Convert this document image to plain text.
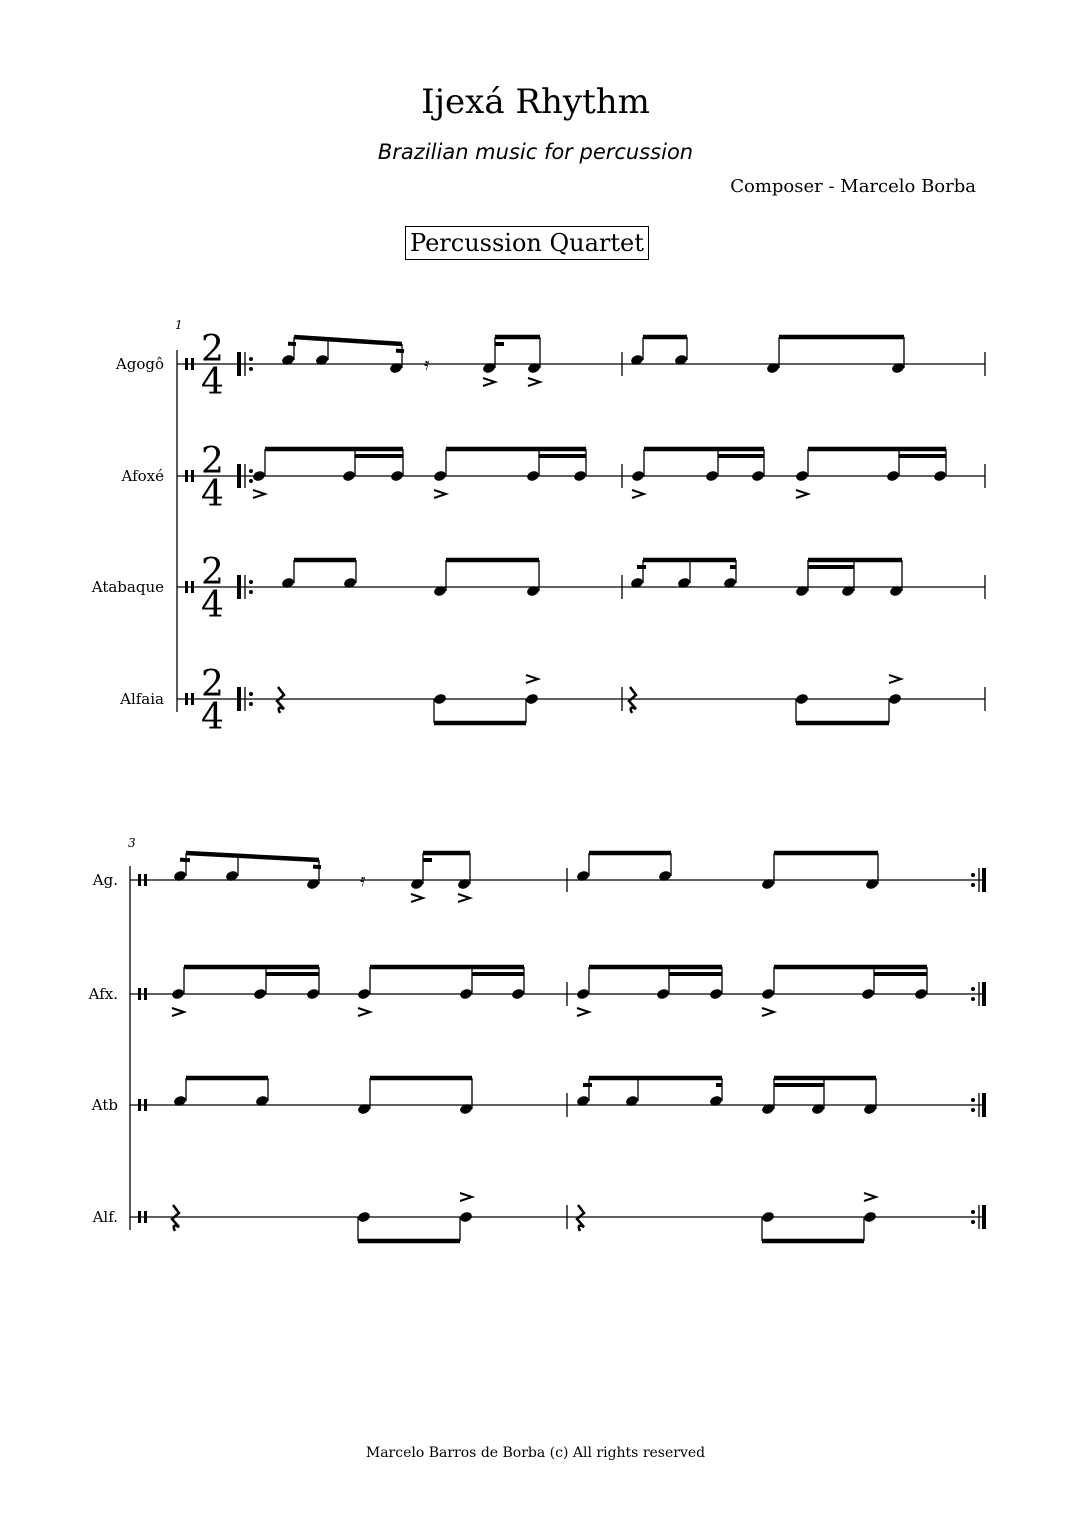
Ijexá Rhythm
Brazilian music for percussion
Composer - Marcelo Borba
Percussion Quartet
1
Agogô
Afoxé
Atabaque
Alfaia
3
Ag.
Afx.
Atb
Alf.
2
4
2
4
2
4
2
4
𝄿
𝄿
Marcelo Barros de Borba (c) All rights reserved
